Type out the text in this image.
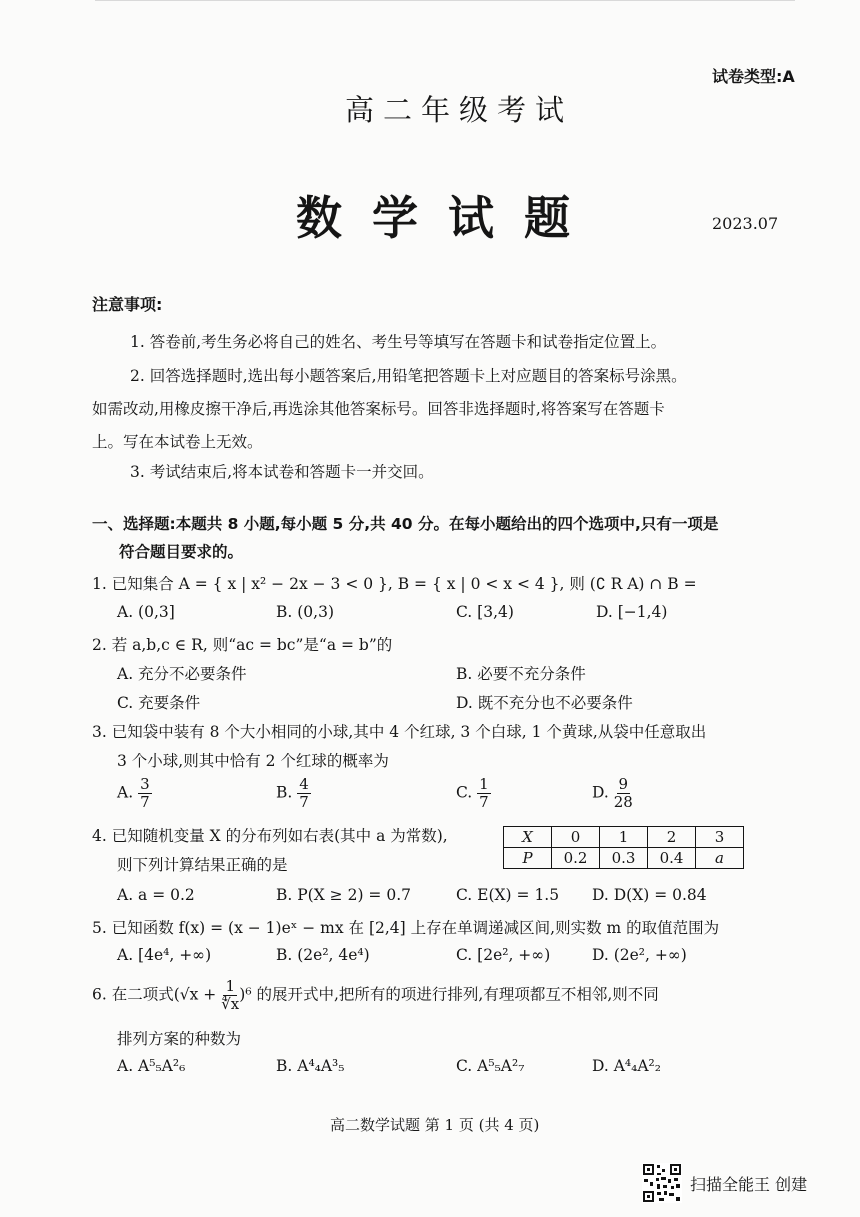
试卷类型:A
高二年级考试
数学试题	2023.07
注意事项:
1. 答卷前,考生务必将自己的姓名、考生号等填写在答题卡和试卷指定位置上。
2. 回答选择题时,选出每小题答案后,用铅笔把答题卡上对应题目的答案标号涂黑。
如需改动,用橡皮擦干净后,再选涂其他答案标号。回答非选择题时,将答案写在答题卡
上。写在本试卷上无效。
3. 考试结束后,将本试卷和答题卡一并交回。
一、选择题:本题共 8 小题,每小题 5 分,共 40 分。在每小题给出的四个选项中,只有一项是
符合题目要求的。
1. 已知集合 A = { x | x² − 2x − 3 < 0 }, B = { x | 0 < x < 4 }, 则 (∁ R A) ∩ B =
A. (0,3]	B. (0,3)	C. [3,4)	D. [−1,4)
2. 若 a,b,c ∈ R, 则“ac = bc”是“a = b”的
A. 充分不必要条件	B. 必要不充分条件
C. 充要条件	D. 既不充分也不必要条件
3. 已知袋中装有 8 个大小相同的小球,其中 4 个红球, 3 个白球, 1 个黄球,从袋中任意取出
3 个小球,则其中恰有 2 个红球的概率为
A. $\frac{3}{7}$	B. $\frac{4}{7}$	C. $\frac{1}{7}$	D. $\frac{9}{28}$
4. 已知随机变量 X 的分布列如右表(其中 a 为常数),
则下列计算结果正确的是
X	0	1	2	3
P	0.2	0.3	0.4	a
A. a = 0.2	B. P(X ≥ 2) = 0.7	C. E(X) = 1.5 D. D(X) = 0.84
5. 已知函数 f(x) = (x − 1)eˣ − mx 在 [2,4] 上存在单调递减区间,则实数 m 的取值范围为
A. [4e⁴, +∞)	B. (2e², 4e⁴)	C. [2e², +∞)	D. (2e², +∞)
6. 在二项式$(√x + \frac{1}{∜x} )^6$ 的展开式中,把所有的项进行排列,有理项都互不相邻,则不同
排列方案的种数为
A. A⁵₅A²₆	B. A⁴₄A³₅	C. A⁵₅A²₇	D. A⁴₄A²₂
高二数学试题 第 1 页 (共 4 页)
扫描全能王 创建
